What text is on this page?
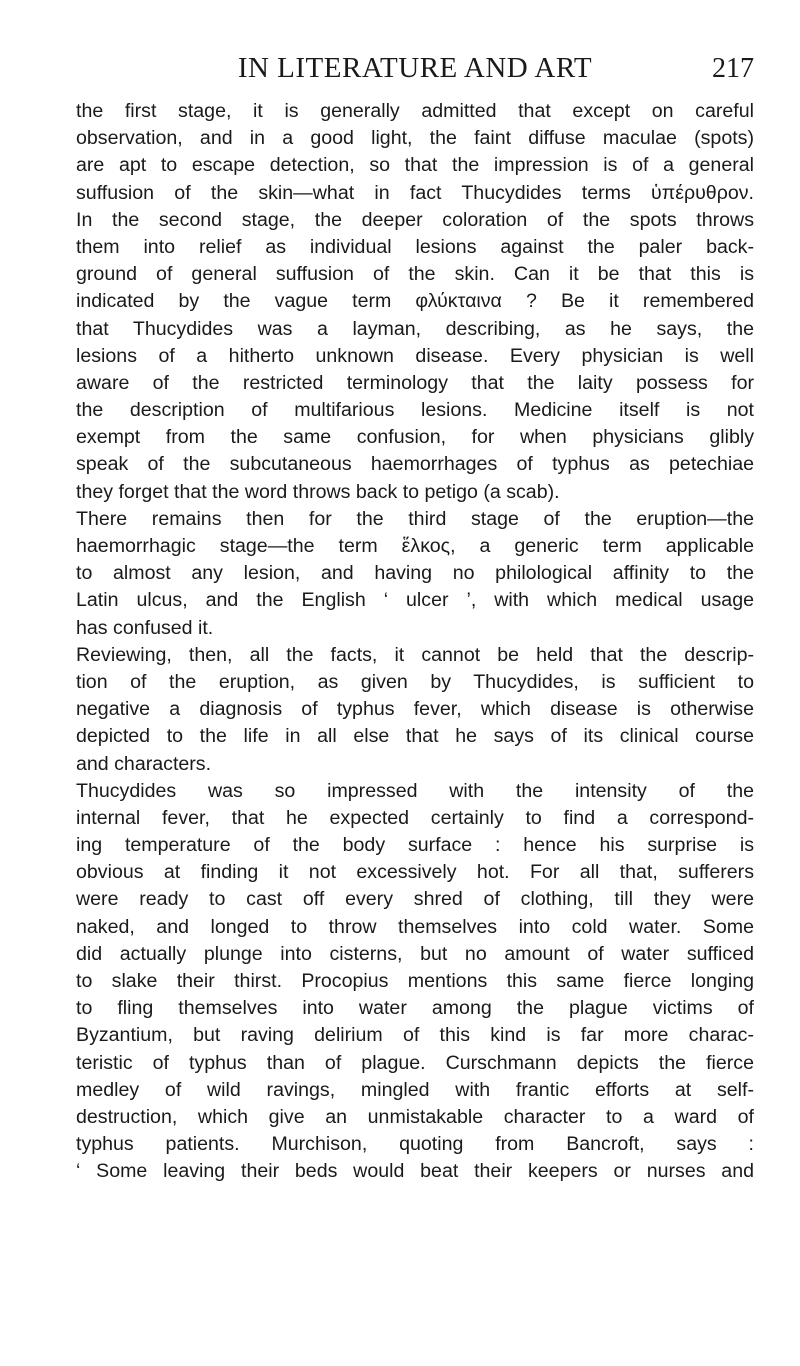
IN LITERATURE AND ART	217
the first stage, it is generally admitted that except on careful
observation, and in a good light, the faint diffuse maculae (spots)
are apt to escape detection, so that the impression is of a general
suffusion of the skin—what in fact Thucydides terms ὑπέρυθρον.
In the second stage, the deeper coloration of the spots throws
them into relief as individual lesions against the paler back-
ground of general suffusion of the skin. Can it be that this is
indicated by the vague term φλύκταινα ? Be it remembered
that Thucydides was a layman, describing, as he says, the
lesions of a hitherto unknown disease. Every physician is well
aware of the restricted terminology that the laity possess for
the description of multifarious lesions. Medicine itself is not
exempt from the same confusion, for when physicians glibly
speak of the subcutaneous haemorrhages of typhus as petechiae
they forget that the word throws back to petigo (a scab).
There remains then for the third stage of the eruption—the
haemorrhagic stage—the term ἕλκος, a generic term applicable
to almost any lesion, and having no philological affinity to the
Latin ulcus, and the English ‘ ulcer ’, with which medical usage
has confused it.
Reviewing, then, all the facts, it cannot be held that the descrip-
tion of the eruption, as given by Thucydides, is sufficient to
negative a diagnosis of typhus fever, which disease is otherwise
depicted to the life in all else that he says of its clinical course
and characters.
Thucydides was so impressed with the intensity of the
internal fever, that he expected certainly to find a correspond-
ing temperature of the body surface : hence his surprise is
obvious at finding it not excessively hot. For all that, sufferers
were ready to cast off every shred of clothing, till they were
naked, and longed to throw themselves into cold water. Some
did actually plunge into cisterns, but no amount of water sufficed
to slake their thirst. Procopius mentions this same fierce longing
to fling themselves into water among the plague victims of
Byzantium, but raving delirium of this kind is far more charac-
teristic of typhus than of plague. Curschmann depicts the fierce
medley of wild ravings, mingled with frantic efforts at self-
destruction, which give an unmistakable character to a ward of
typhus patients. Murchison, quoting from Bancroft, says :
‘ Some leaving their beds would beat their keepers or nurses and
